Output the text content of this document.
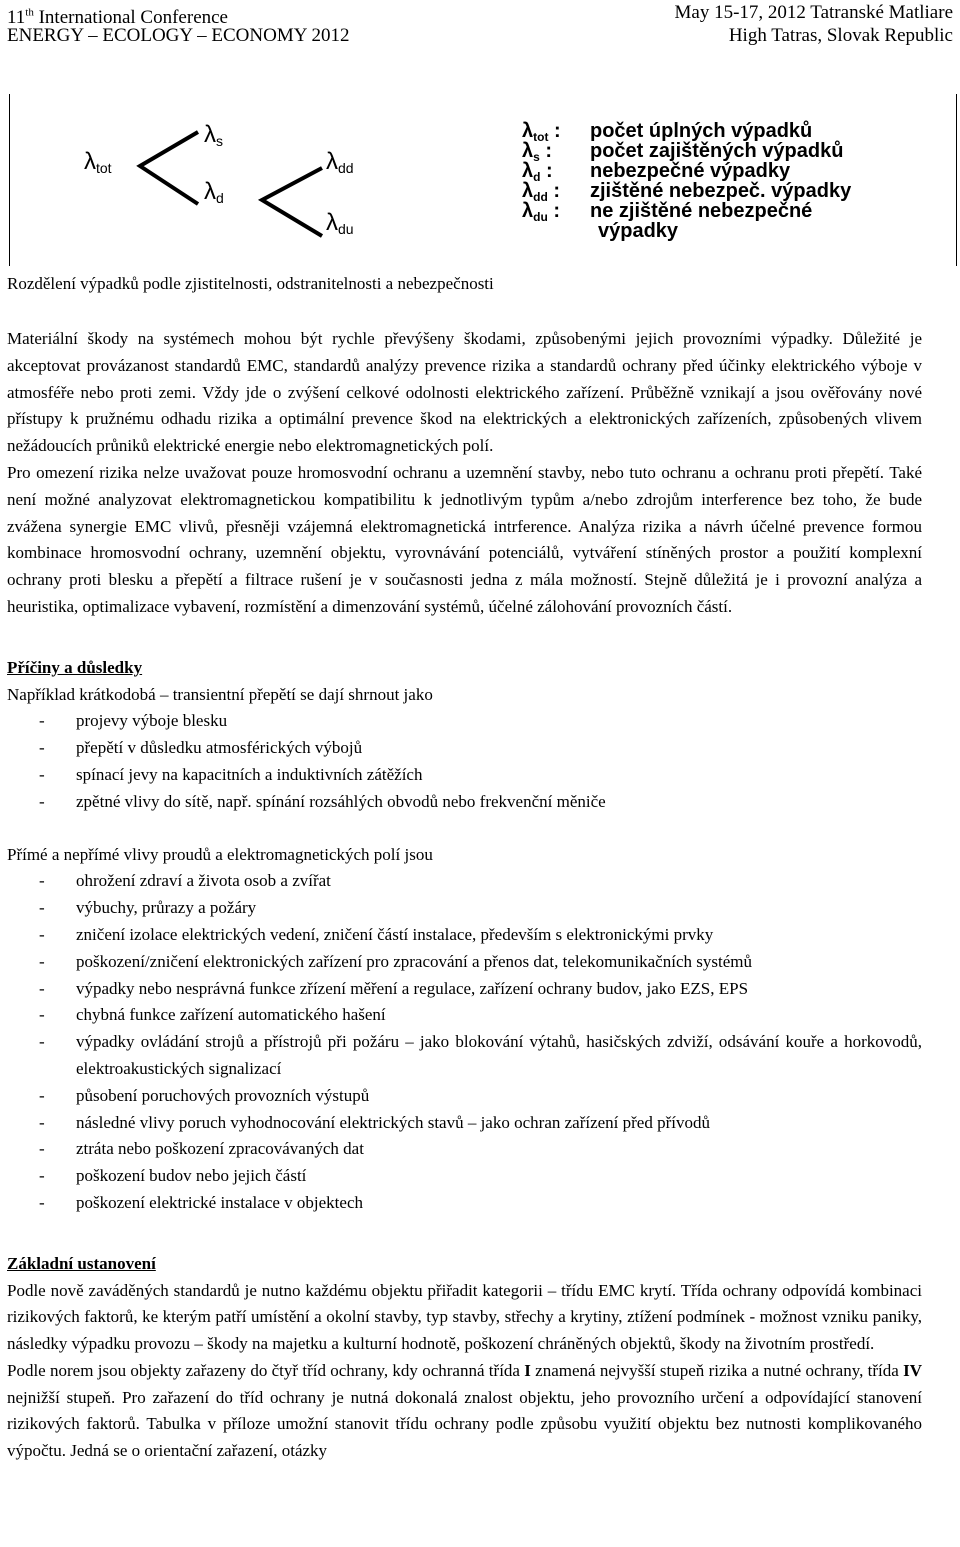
11th International Conference	May 15-17, 2012 Tatranské Matliare
ENERGY – ECOLOGY – ECONOMY 2012	High Tatras, Slovak Republic
λtot
λs
λd
λdd
λdu
$\lambda_{tot}$ : počet úplných výpadků
$\lambda_s$ : počet zajištěných výpadků
$\lambda_d$ : nebezpečné výpadky
$\lambda_{dd}$ : zjištěné nebezpeč. výpadky
$\lambda_{du}$ : ne zjištěné nebezpečné
výpadky
Rozdělení výpadků podle zjistitelnosti, odstranitelnosti a nebezpečnosti

Materiální škody na systémech mohou být rychle převýšeny škodami, způsobenými jejich provozními výpadky. Důležité je akceptovat provázanost standardů EMC, standardů analýzy prevence rizika a standardů ochrany před účinky elektrického výboje v atmosféře nebo proti zemi. Vždy jde o zvýšení celkové odolnosti elektrického zařízení. Průběžně vznikají a jsou ověřovány nové přístupy k pružnému odhadu rizika a optimální prevence škod na elektrických a elektronických zařízeních, způsobených vlivem nežádoucích průniků elektrické energie nebo elektromagnetických polí.

Pro omezení rizika nelze uvažovat pouze hromosvodní ochranu a uzemnění stavby, nebo tuto ochranu a ochranu proti přepětí. Také není možné analyzovat elektromagnetickou kompatibilitu k jednotlivým typům a/nebo zdrojům interference bez toho, že bude zvážena synergie EMC vlivů, přesněji vzájemná elektromagnetická intrference. Analýza rizika a návrh účelné prevence formou kombinace hromosvodní ochrany, uzemnění objektu, vyrovnávání potenciálů, vytváření stíněných prostor a použití komplexní ochrany proti blesku a přepětí a filtrace rušení je v současnosti jedna z mála možností. Stejně důležitá je i provozní analýza a heuristika, optimalizace vybavení, rozmístění a dimenzování systémů, účelné zálohování provozních částí.

Příčiny a důsledky

Například krátkodobá – transientní přepětí se dají shrnout jako

- projevy výboje blesku
- přepětí v důsledku atmosférických výbojů
- spínací jevy na kapacitních a induktivních zátěžích
- zpětné vlivy do sítě, např. spínání rozsáhlých obvodů nebo frekvenční měniče

Přímé a nepřímé vlivy proudů a elektromagnetických polí jsou

- ohrožení zdraví a života osob a zvířat
- výbuchy, průrazy a požáry
- zničení izolace elektrických vedení, zničení částí instalace, především s elektronickými prvky
- poškození/zničení elektronických zařízení pro zpracování a přenos dat, telekomunikačních systémů
- výpadky nebo nesprávná funkce zřízení měření a regulace, zařízení ochrany budov, jako EZS, EPS
- chybná funkce zařízení automatického hašení
- výpadky ovládání strojů a přístrojů při požáru – jako blokování výtahů, hasičských zdviží, odsávání kouře a horkovodů, elektroakustických signalizací
- působení poruchových provozních výstupů
- následné vlivy poruch vyhodnocování elektrických stavů – jako ochran zařízení před přívodů
- ztráta nebo poškození zpracovávaných dat
- poškození budov nebo jejich částí
- poškození elektrické instalace v objektech

Základní ustanovení

Podle nově zaváděných standardů je nutno každému objektu přiřadit kategorii – třídu EMC krytí. Třída ochrany odpovídá kombinaci rizikových faktorů, ke kterým patří umístění a okolní stavby, typ stavby, střechy a krytiny, ztížení podmínek - možnost vzniku paniky, následky výpadku provozu – škody na majetku a kulturní hodnotě, poškození chráněných objektů, škody na životním prostředí.

Podle norem jsou objekty zařazeny do čtyř tříd ochrany, kdy ochranná třída I znamená nejvyšší stupeň rizika a nutné ochrany, třída IV nejnižší stupeň. Pro zařazení do tříd ochrany je nutná dokonalá znalost objektu, jeho provozního určení a odpovídající stanovení rizikových faktorů. Tabulka v příloze umožní stanovit třídu ochrany podle způsobu využití objektu bez nutnosti komplikovaného výpočtu. Jedná se o orientační zařazení, otázky
